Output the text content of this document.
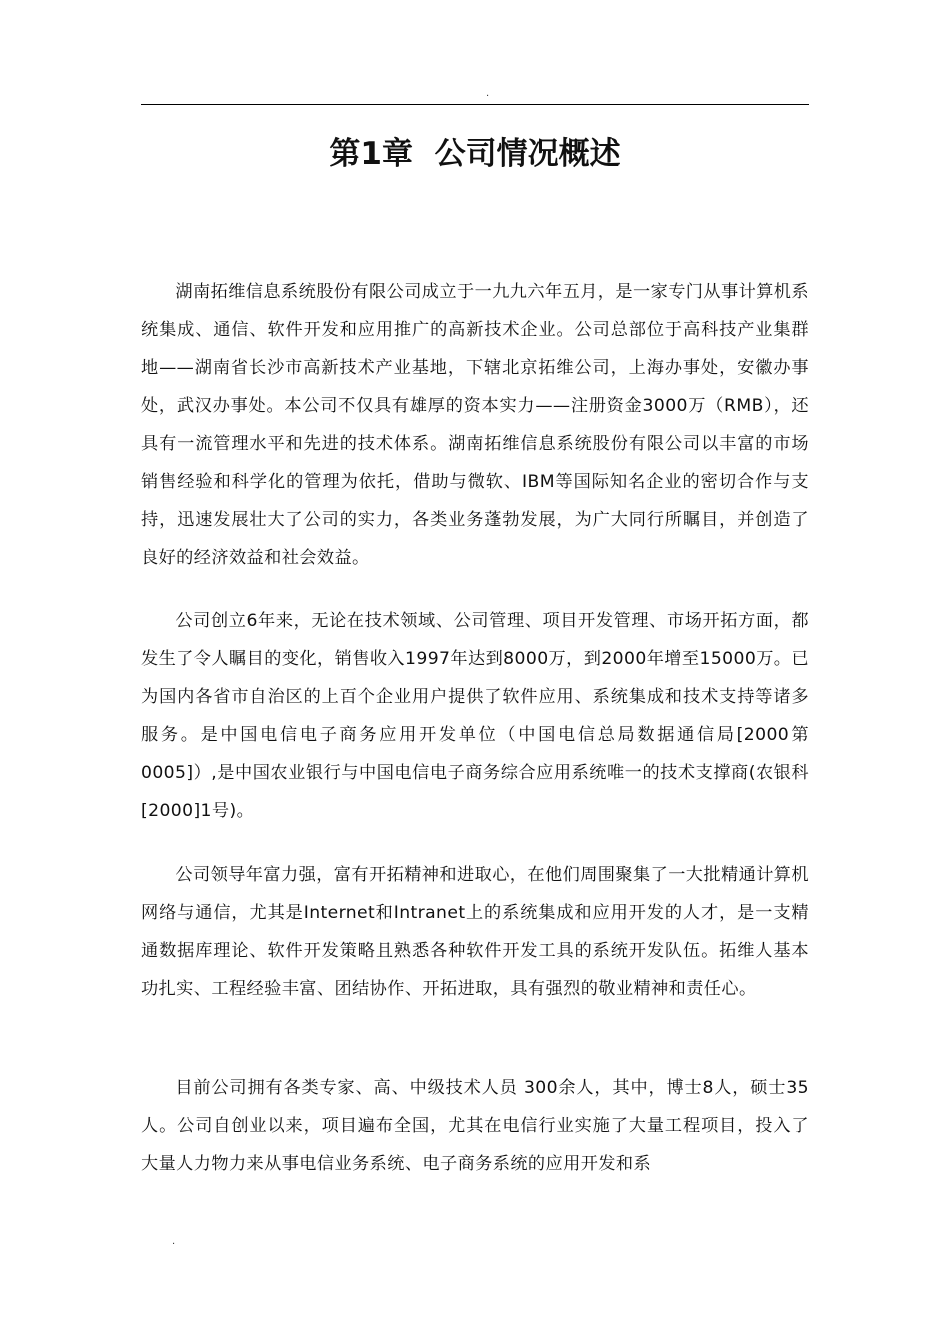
.
第1章  公司情况概述

湖南拓维信息系统股份有限公司成立于一九九六年五月，是一家专门从事计算机系统集成、通信、软件开发和应用推广的高新技术企业。公司总部位于高科技产业集群地——湖南省长沙市高新技术产业基地，下辖北京拓维公司，上海办事处，安徽办事处，武汉办事处。本公司不仅具有雄厚的资本实力——注册资金3000万（RMB），还具有一流管理水平和先进的技术体系。湖南拓维信息系统股份有限公司以丰富的市场销售经验和科学化的管理为依托，借助与微软、IBM等国际知名企业的密切合作与支持，迅速发展壮大了公司的实力，各类业务蓬勃发展，为广大同行所瞩目，并创造了良好的经济效益和社会效益。

公司创立6年来，无论在技术领域、公司管理、项目开发管理、市场开拓方面，都发生了令人瞩目的变化，销售收入1997年达到8000万，到2000年增至15000万。已为国内各省市自治区的上百个企业用户提供了软件应用、系统集成和技术支持等诸多服务。是中国电信电子商务应用开发单位（中国电信总局数据通信局[2000第0005]）,是中国农业银行与中国电信电子商务综合应用系统唯一的技术支撑商(农银科[2000]1号)。

公司领导年富力强，富有开拓精神和进取心，在他们周围聚集了一大批精通计算机网络与通信，尤其是Internet和Intranet上的系统集成和应用开发的人才，是一支精通数据库理论、软件开发策略且熟悉各种软件开发工具的系统开发队伍。拓维人基本功扎实、工程经验丰富、团结协作、开拓进取，具有强烈的敬业精神和责任心。

目前公司拥有各类专家、高、中级技术人员 300余人，其中，博士8人，硕士35人。公司自创业以来，项目遍布全国，尤其在电信行业实施了大量工程项目，投入了大量人力物力来从事电信业务系统、电子商务系统的应用开发和系

.
